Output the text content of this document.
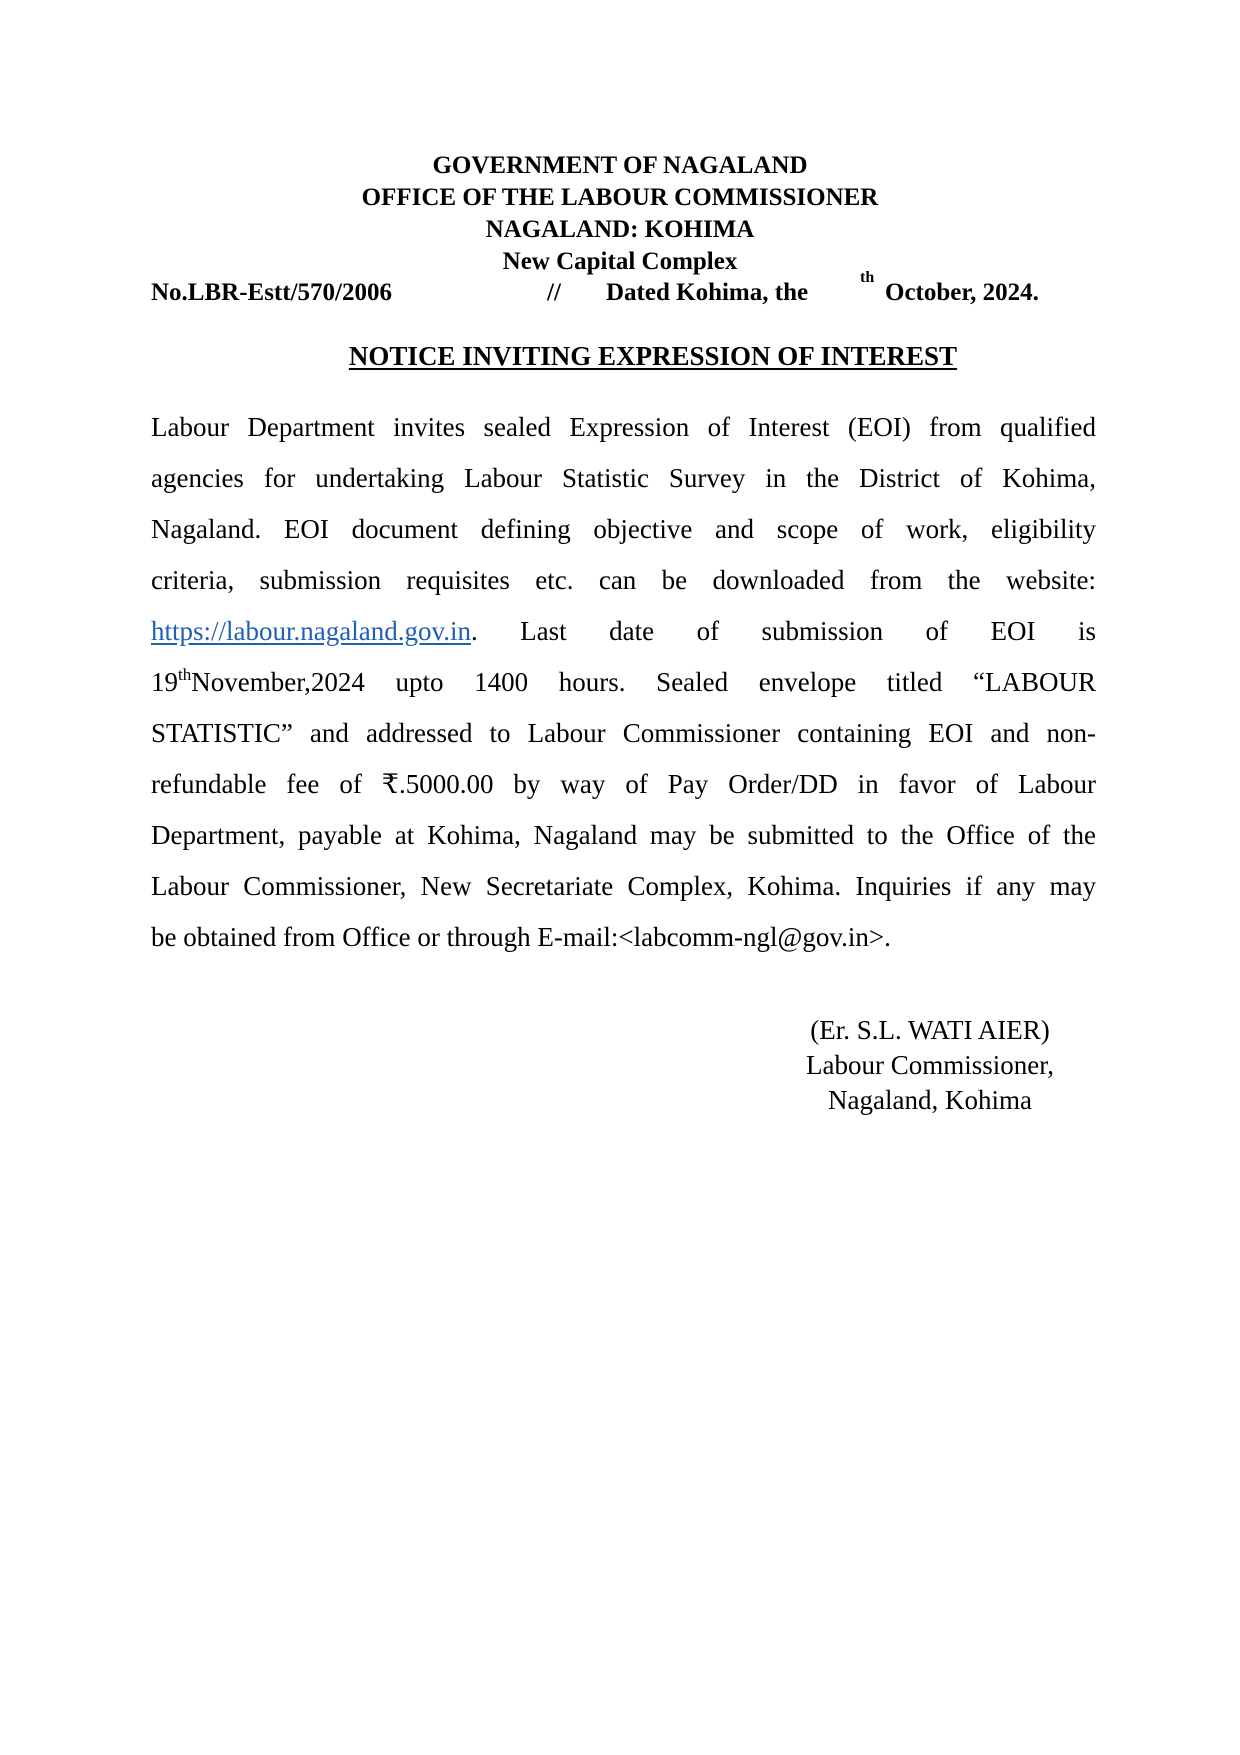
GOVERNMENT OF NAGALAND
OFFICE OF THE LABOUR COMMISSIONER
NAGALAND: KOHIMA
New Capital Complex
No.LBR-Estt/570/2006	// Dated Kohima, the
th
October, 2024.
NOTICE INVITING EXPRESSION OF INTEREST
Labour Department invites sealed Expression of Interest (EOI) from qualified
agencies for undertaking Labour Statistic Survey in the District of Kohima,
Nagaland. EOI document defining objective and scope of work, eligibility
criteria, submission requisites etc. can be downloaded from the website:
https://labour.nagaland.gov.in. Last date of submission of EOI is
19thNovember,2024 upto 1400 hours. Sealed envelope titled “LABOUR
STATISTIC” and addressed to Labour Commissioner containing EOI and non-
refundable fee of ₹.5000.00 by way of Pay Order/DD in favor of Labour
Department, payable at Kohima, Nagaland may be submitted to the Office of the
Labour Commissioner, New Secretariate Complex, Kohima. Inquiries if any may
be obtained from Office or through E-mail:<labcomm-ngl@gov.in>.
(Er. S.L. WATI AIER)
Labour Commissioner,
Nagaland, Kohima
